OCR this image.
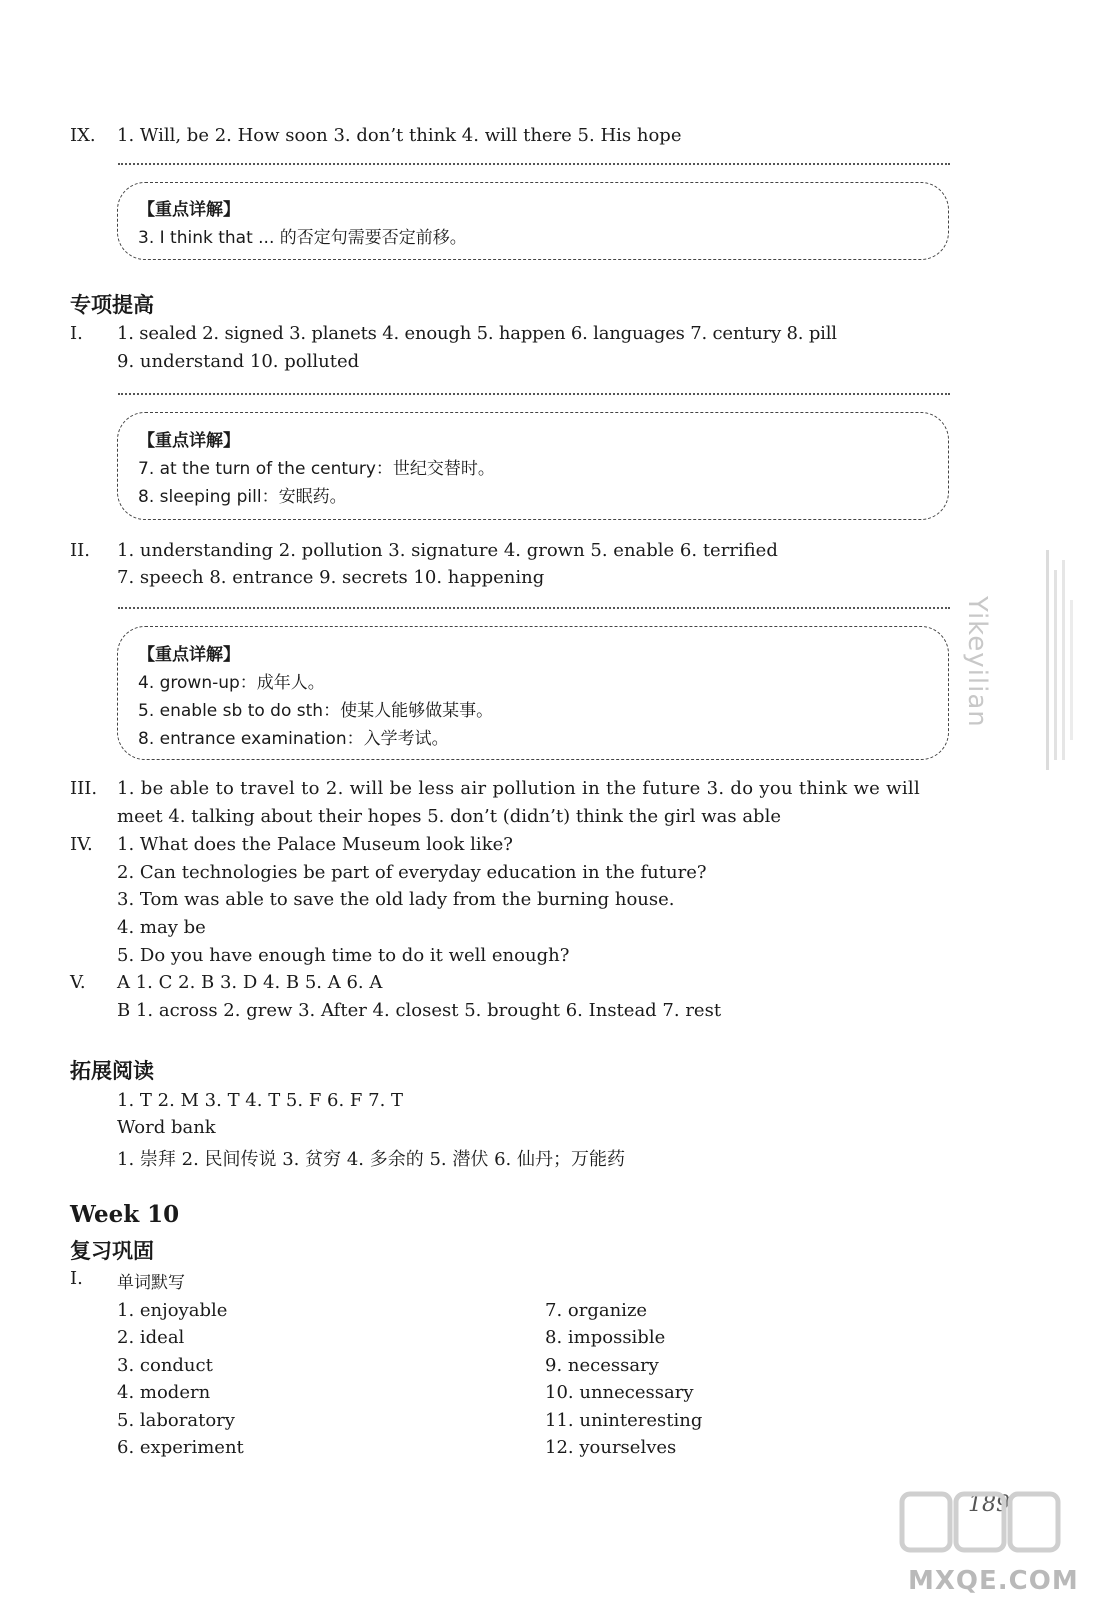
IX. 1. Will, be 2. How soon 3. don’t think 4. will there 5. His hope
【重点详解】
3. I think that ... 的否定句需要否定前移。
专项提高
I. 1. sealed 2. signed 3. planets 4. enough 5. happen 6. languages 7. century 8. pill
9. understand 10. polluted
【重点详解】
7. at the turn of the century：世纪交替时。
8. sleeping pill：安眠药。
II. 1. understanding 2. pollution 3. signature 4. grown 5. enable 6. terrified
7. speech 8. entrance 9. secrets 10. happening
【重点详解】
4. grown-up：成年人。
5. enable sb to do sth：使某人能够做某事。
8. entrance examination：入学考试。
III. 1. be able to travel to 2. will be less air pollution in the future 3. do you think we will
meet 4. talking about their hopes 5. don’t (didn’t) think the girl was able
IV. 1. What does the Palace Museum look like?
2. Can technologies be part of everyday education in the future?
3. Tom was able to save the old lady from the burning house.
4. may be
5. Do you have enough time to do it well enough?
V. A 1. C 2. B 3. D 4. B 5. A 6. A
B 1. across 2. grew 3. After 4. closest 5. brought 6. Instead 7. rest
拓展阅读
1. T 2. M 3. T 4. T 5. F 6. F 7. T
Word bank
1. 崇拜 2. 民间传说 3. 贫穷 4. 多余的 5. 潜伏 6. 仙丹；万能药
Week 10
复习巩固
I. 单词默写
1. enjoyable
2. ideal
3. conduct
4. modern
5. laboratory
6. experiment
7. organize
8. impossible
9. necessary
10. unnecessary
11. uninteresting
12. yourselves
Yikeyilian
189
MXQE.COM
